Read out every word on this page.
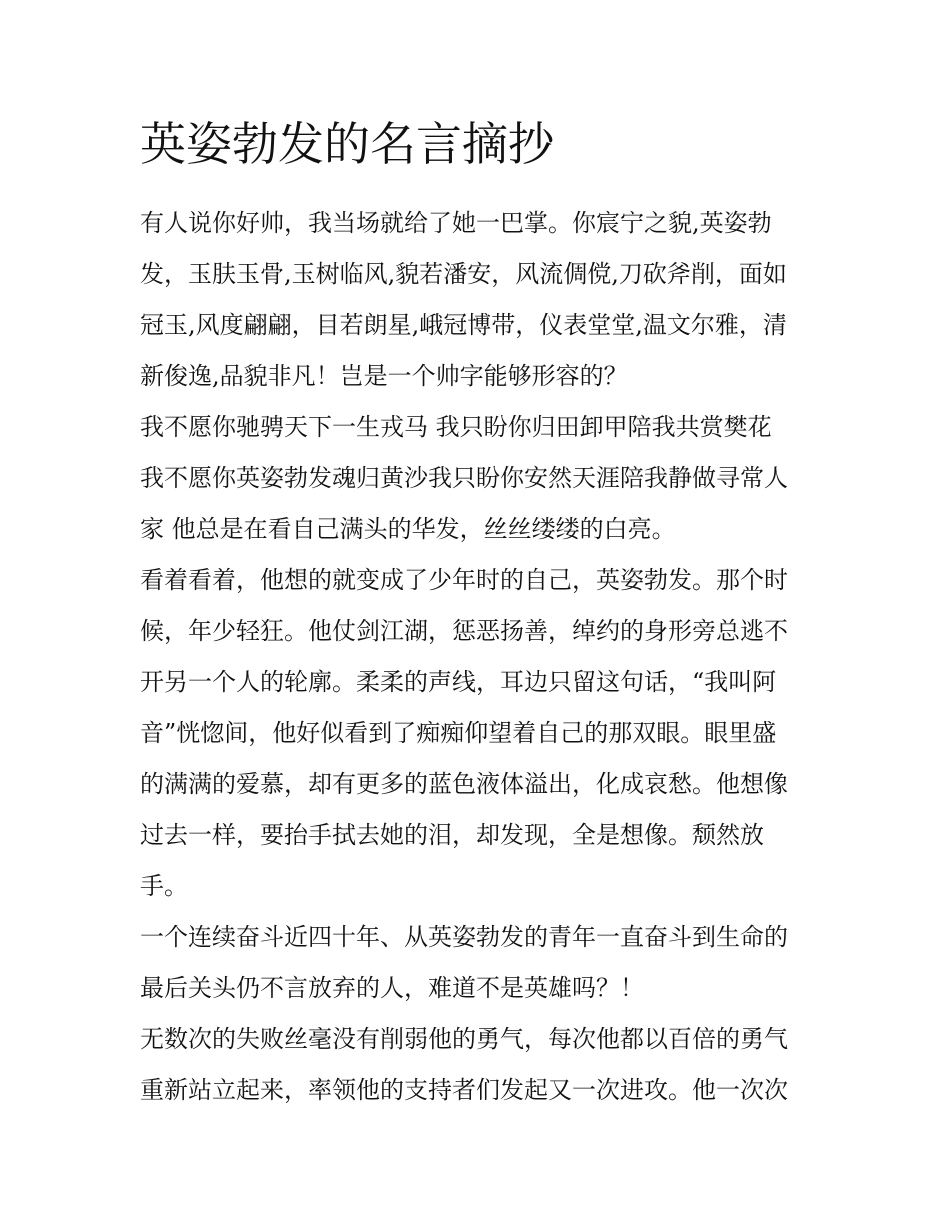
英姿勃发的名言摘抄
有人说你好帅，我当场就给了她一巴掌。你宸宁之貌,英姿勃
发，玉肤玉骨,玉树临风,貌若潘安，风流倜傥,刀砍斧削，面如
冠玉,风度翩翩，目若朗星,峨冠博带，仪表堂堂,温文尔雅，清
新俊逸,品貌非凡！岂是一个帅字能够形容的？
我不愿你驰骋天下一生戎马 我只盼你归田卸甲陪我共赏樊花
我不愿你英姿勃发魂归黄沙我只盼你安然天涯陪我静做寻常人
家 他总是在看自己满头的华发，丝丝缕缕的白亮。
看着看着，他想的就变成了少年时的自己，英姿勃发。那个时
候，年少轻狂。他仗剑江湖，惩恶扬善，绰约的身形旁总逃不
开另一个人的轮廓。柔柔的声线，耳边只留这句话，“我叫阿
音”恍惚间，他好似看到了痴痴仰望着自己的那双眼。眼里盛
的满满的爱慕，却有更多的蓝色液体溢出，化成哀愁。他想像
过去一样，要抬手拭去她的泪，却发现，全是想像。颓然放
手。
一个连续奋斗近四十年、从英姿勃发的青年一直奋斗到生命的
最后关头仍不言放弃的人，难道不是英雄吗？！
无数次的失败丝毫没有削弱他的勇气，每次他都以百倍的勇气
重新站立起来，率领他的支持者们发起又一次进攻。他一次次
